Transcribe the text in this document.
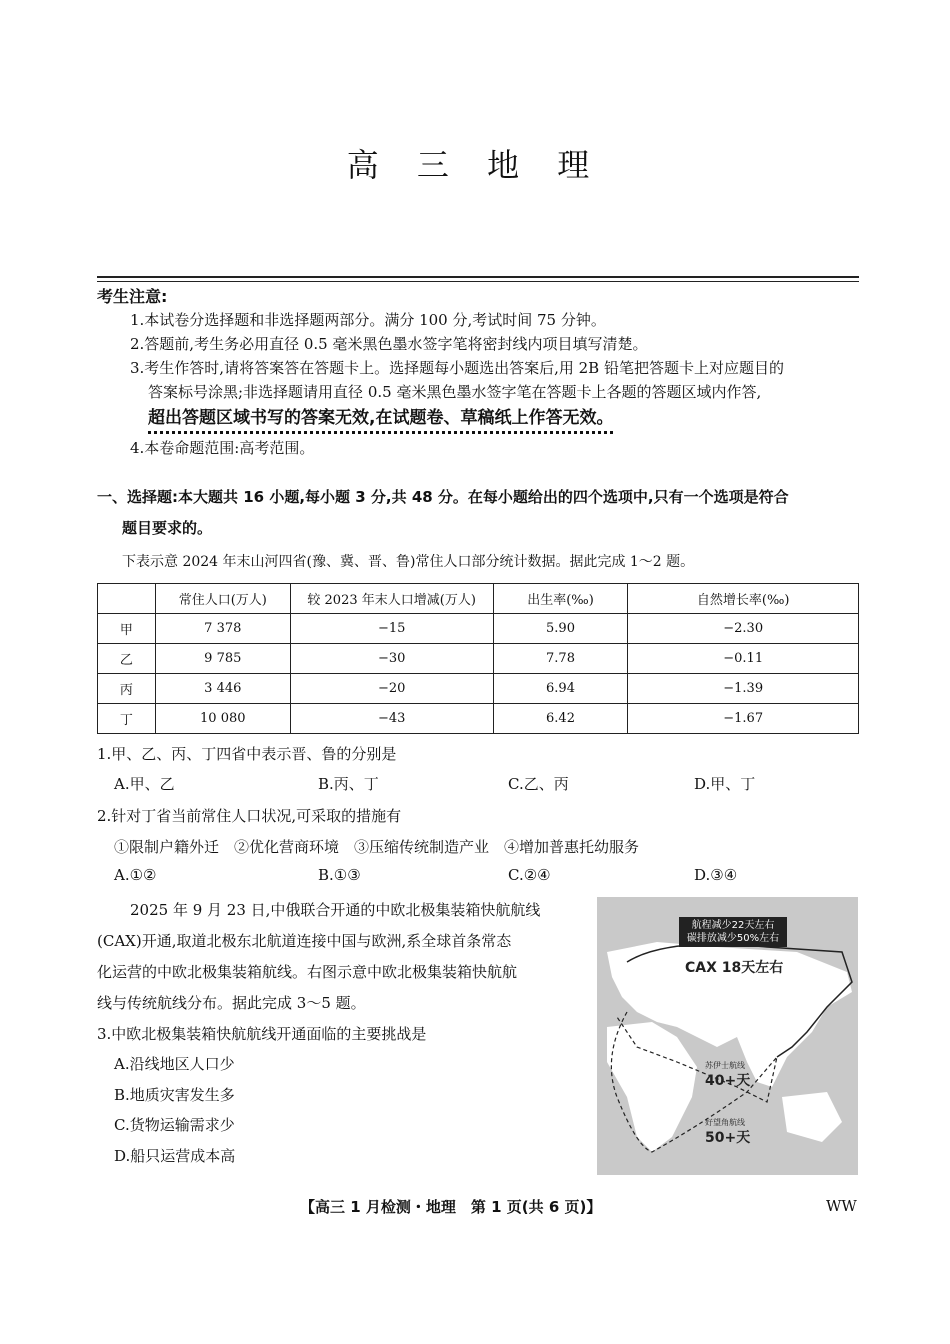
高 三 地 理
考生注意:
1.本试卷分选择题和非选择题两部分。满分 100 分,考试时间 75 分钟。
2.答题前,考生务必用直径 0.5 毫米黑色墨水签字笔将密封线内项目填写清楚。
3.考生作答时,请将答案答在答题卡上。选择题每小题选出答案后,用 2B 铅笔把答题卡上对应题目的
答案标号涂黑;非选择题请用直径 0.5 毫米黑色墨水签字笔在答题卡上各题的答题区域内作答,
超出答题区域书写的答案无效,在试题卷、草稿纸上作答无效。
4.本卷命题范围:高考范围。
一、选择题:本大题共 16 小题,每小题 3 分,共 48 分。在每小题给出的四个选项中,只有一个选项是符合
题目要求的。
下表示意 2024 年末山河四省(豫、冀、晋、鲁)常住人口部分统计数据。据此完成 1～2 题。
	常住人口(万人)	较 2023 年末人口增减(万人)	出生率(‰)	自然增长率(‰)
甲	7 378	−15	5.90	−2.30
乙	9 785	−30	7.78	−0.11
丙	3 446	−20	6.94	−1.39
丁	10 080	−43	6.42	−1.67
1.甲、乙、丙、丁四省中表示晋、鲁的分别是
A.甲、乙	B.丙、丁	C.乙、丙	D.甲、丁
2.针对丁省当前常住人口状况,可采取的措施有
①限制户籍外迁　②优化营商环境　③压缩传统制造产业　④增加普惠托幼服务
A.①②	B.①③	C.②④	D.③④
2025 年 9 月 23 日,中俄联合开通的中欧北极集装箱快航航线
(CAX)开通,取道北极东北航道连接中国与欧洲,系全球首条常态
化运营的中欧北极集装箱航线。右图示意中欧北极集装箱快航航
线与传统航线分布。据此完成 3～5 题。
3.中欧北极集装箱快航航线开通面临的主要挑战是
A.沿线地区人口少
B.地质灾害发生多
C.货物运输需求少
D.船只运营成本高
航程减少22天左右
碳排放减少50%左右
CAX 18天左右
苏伊士航线
40+天
好望角航线
50+天
【高三 1 月检测・地理　第 1 页(共 6 页)】	WW
